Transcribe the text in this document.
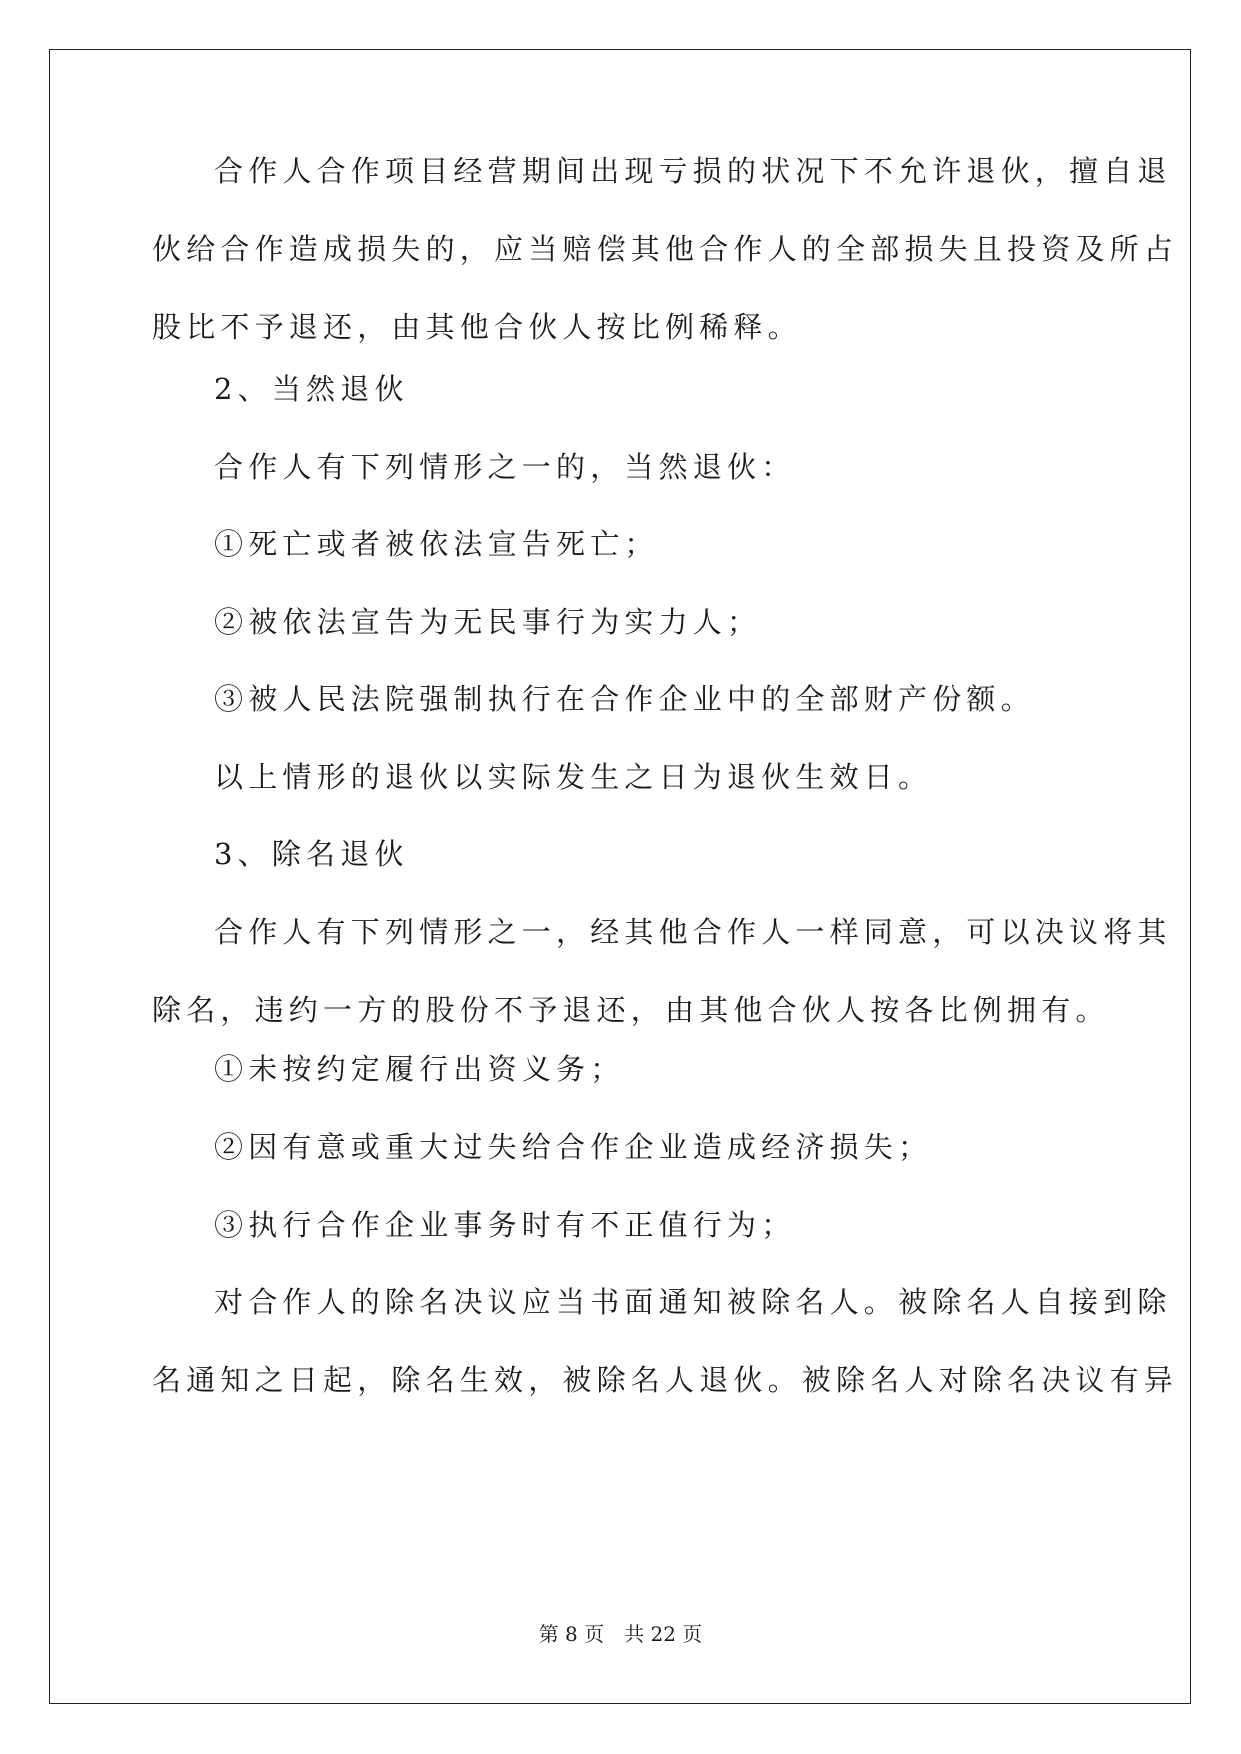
合作人合作项目经营期间出现亏损的状况下不允许退伙，擅自退
伙给合作造成损失的，应当赔偿其他合作人的全部损失且投资及所占
股比不予退还，由其他合伙人按比例稀释。

2、当然退伙

合作人有下列情形之一的，当然退伙：

①死亡或者被依法宣告死亡；

②被依法宣告为无民事行为实力人；

③被人民法院强制执行在合作企业中的全部财产份额。

以上情形的退伙以实际发生之日为退伙生效日。

3、除名退伙

合作人有下列情形之一，经其他合作人一样同意，可以决议将其
除名，违约一方的股份不予退还，由其他合伙人按各比例拥有。

①未按约定履行出资义务；

②因有意或重大过失给合作企业造成经济损失；

③执行合作企业事务时有不正值行为；

对合作人的除名决议应当书面通知被除名人。被除名人自接到除
名通知之日起，除名生效，被除名人退伙。被除名人对除名决议有异

第 8 页 共 22 页
